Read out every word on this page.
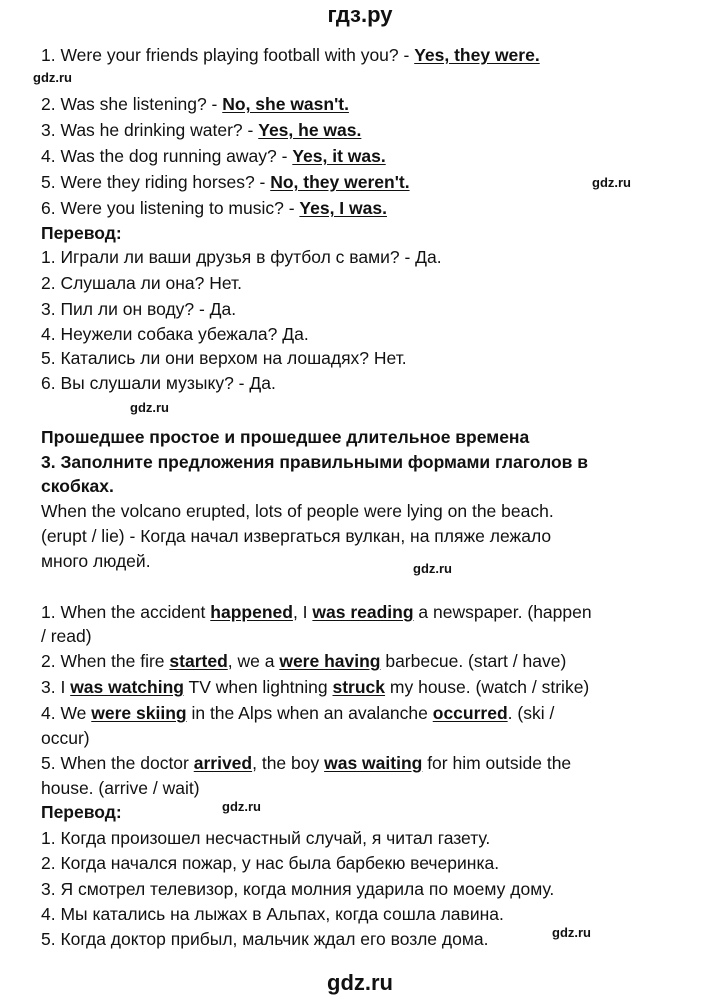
гдз.ру
1. Were your friends playing football with you? - Yes, they were.
gdz.ru
2. Was she listening? - No, she wasn't.
3. Was he drinking water? - Yes, he was.
4. Was the dog running away? - Yes, it was.
5. Were they riding horses? - No, they weren't.	gdz.ru
6. Were you listening to music? - Yes, I was.
Перевод:
1. Играли ли ваши друзья в футбол с вами? - Да.
2. Слушала ли она? Нет.
3. Пил ли он воду? - Да.
4. Неужели собака убежала? Да.
5. Катались ли они верхом на лошадях? Нет.
6. Вы слушали музыку? - Да.
gdz.ru
Прошедшее простое и прошедшее длительное времена
3. Заполните предложения правильными формами глаголов в
скобках.
When the volcano erupted, lots of people were lying on the beach.
(erupt / lie) - Когда начал извергаться вулкан, на пляже лежало
много людей.	gdz.ru
1. When the accident happened, I was reading a newspaper. (happen
/ read)
2. When the fire started, we a were having barbecue. (start / have)
3. I was watching TV when lightning struck my house. (watch / strike)
4. We were skiing in the Alps when an avalanche occurred. (ski /
occur)
5. When the doctor arrived, the boy was waiting for him outside the
house. (arrive / wait)
Перевод:	gdz.ru
1. Когда произошел несчастный случай, я читал газету.
2. Когда начался пожар, у нас была барбекю вечеринка.
3. Я смотрел телевизор, когда молния ударила по моему дому.
4. Мы катались на лыжах в Альпах, когда сошла лавина.
5. Когда доктор прибыл, мальчик ждал его возле дома.	gdz.ru
gdz.ru
